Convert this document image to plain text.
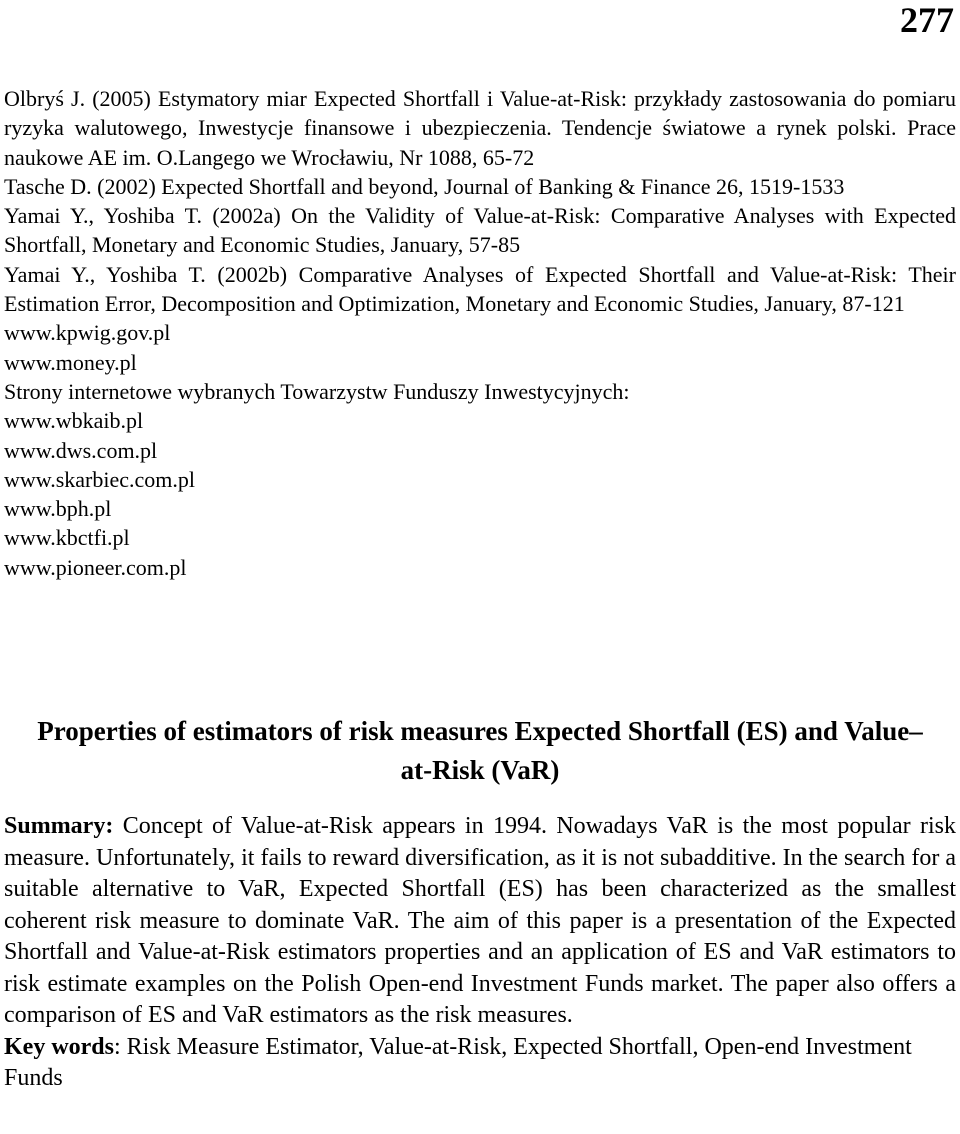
277

Olbryś J. (2005) Estymatory miar Expected Shortfall i Value-at-Risk: przykłady zastosowania do pomiaru ryzyka walutowego, Inwestycje finansowe i ubezpieczenia. Tendencje światowe a rynek polski. Prace naukowe AE im. O.Langego we Wrocławiu, Nr 1088, 65-72

Tasche D. (2002) Expected Shortfall and beyond, Journal of Banking & Finance 26, 1519-1533

Yamai Y., Yoshiba T. (2002a) On the Validity of Value-at-Risk: Comparative Analyses with Expected Shortfall, Monetary and Economic Studies, January, 57-85

Yamai Y., Yoshiba T. (2002b) Comparative Analyses of Expected Shortfall and Value-at-Risk: Their Estimation Error, Decomposition and Optimization, Monetary and Economic Studies, January, 87-121

www.kpwig.gov.pl

www.money.pl

Strony internetowe wybranych Towarzystw Funduszy Inwestycyjnych:

www.wbkaib.pl

www.dws.com.pl

www.skarbiec.com.pl

www.bph.pl

www.kbctfi.pl

www.pioneer.com.pl

Properties of estimators of risk measures Expected Shortfall (ES) and Value–

at-Risk (VaR)

Summary: Concept of Value-at-Risk appears in 1994. Nowadays VaR is the most popular risk measure. Unfortunately, it fails to reward diversification, as it is not subadditive. In the search for a suitable alternative to VaR, Expected Shortfall (ES) has been characterized as the smallest coherent risk measure to dominate VaR. The aim of this paper is a presentation of the Expected Shortfall and Value-at-Risk estimators properties and an application of ES and VaR estimators to risk estimate examples on the Polish Open-end Investment Funds market. The paper also offers a comparison of ES and VaR estimators as the risk measures.

Key words: Risk Measure Estimator, Value-at-Risk, Expected Shortfall, Open-end Investment Funds
